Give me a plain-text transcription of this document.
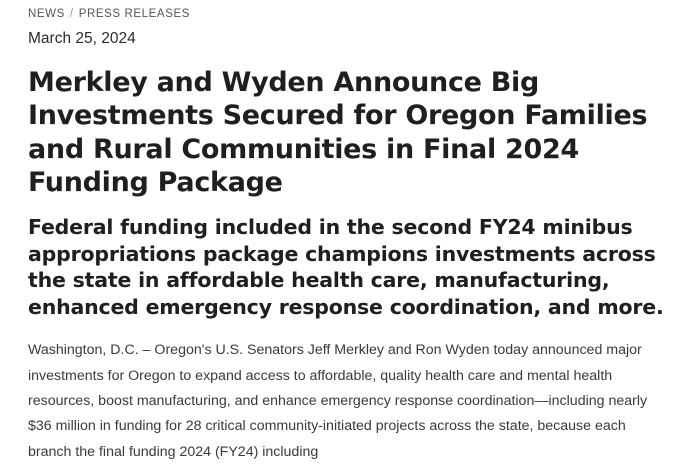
NEWS / PRESS RELEASES
March 25, 2024
Merkley and Wyden Announce Big Investments Secured for Oregon Families and Rural Communities in Final 2024 Funding Package
Federal funding included in the second FY24 minibus appropriations package champions investments across the state in affordable health care, manufacturing, enhanced emergency response coordination, and more.

Washington, D.C. – Oregon's U.S. Senators Jeff Merkley and Ron Wyden today announced major investments for Oregon to expand access to affordable, quality health care and mental health resources, boost manufacturing, and enhance emergency response coordination—including nearly $36 million in funding for 28 critical community-initiated projects across the state, because each branch the final funding 2024 (FY24) including
